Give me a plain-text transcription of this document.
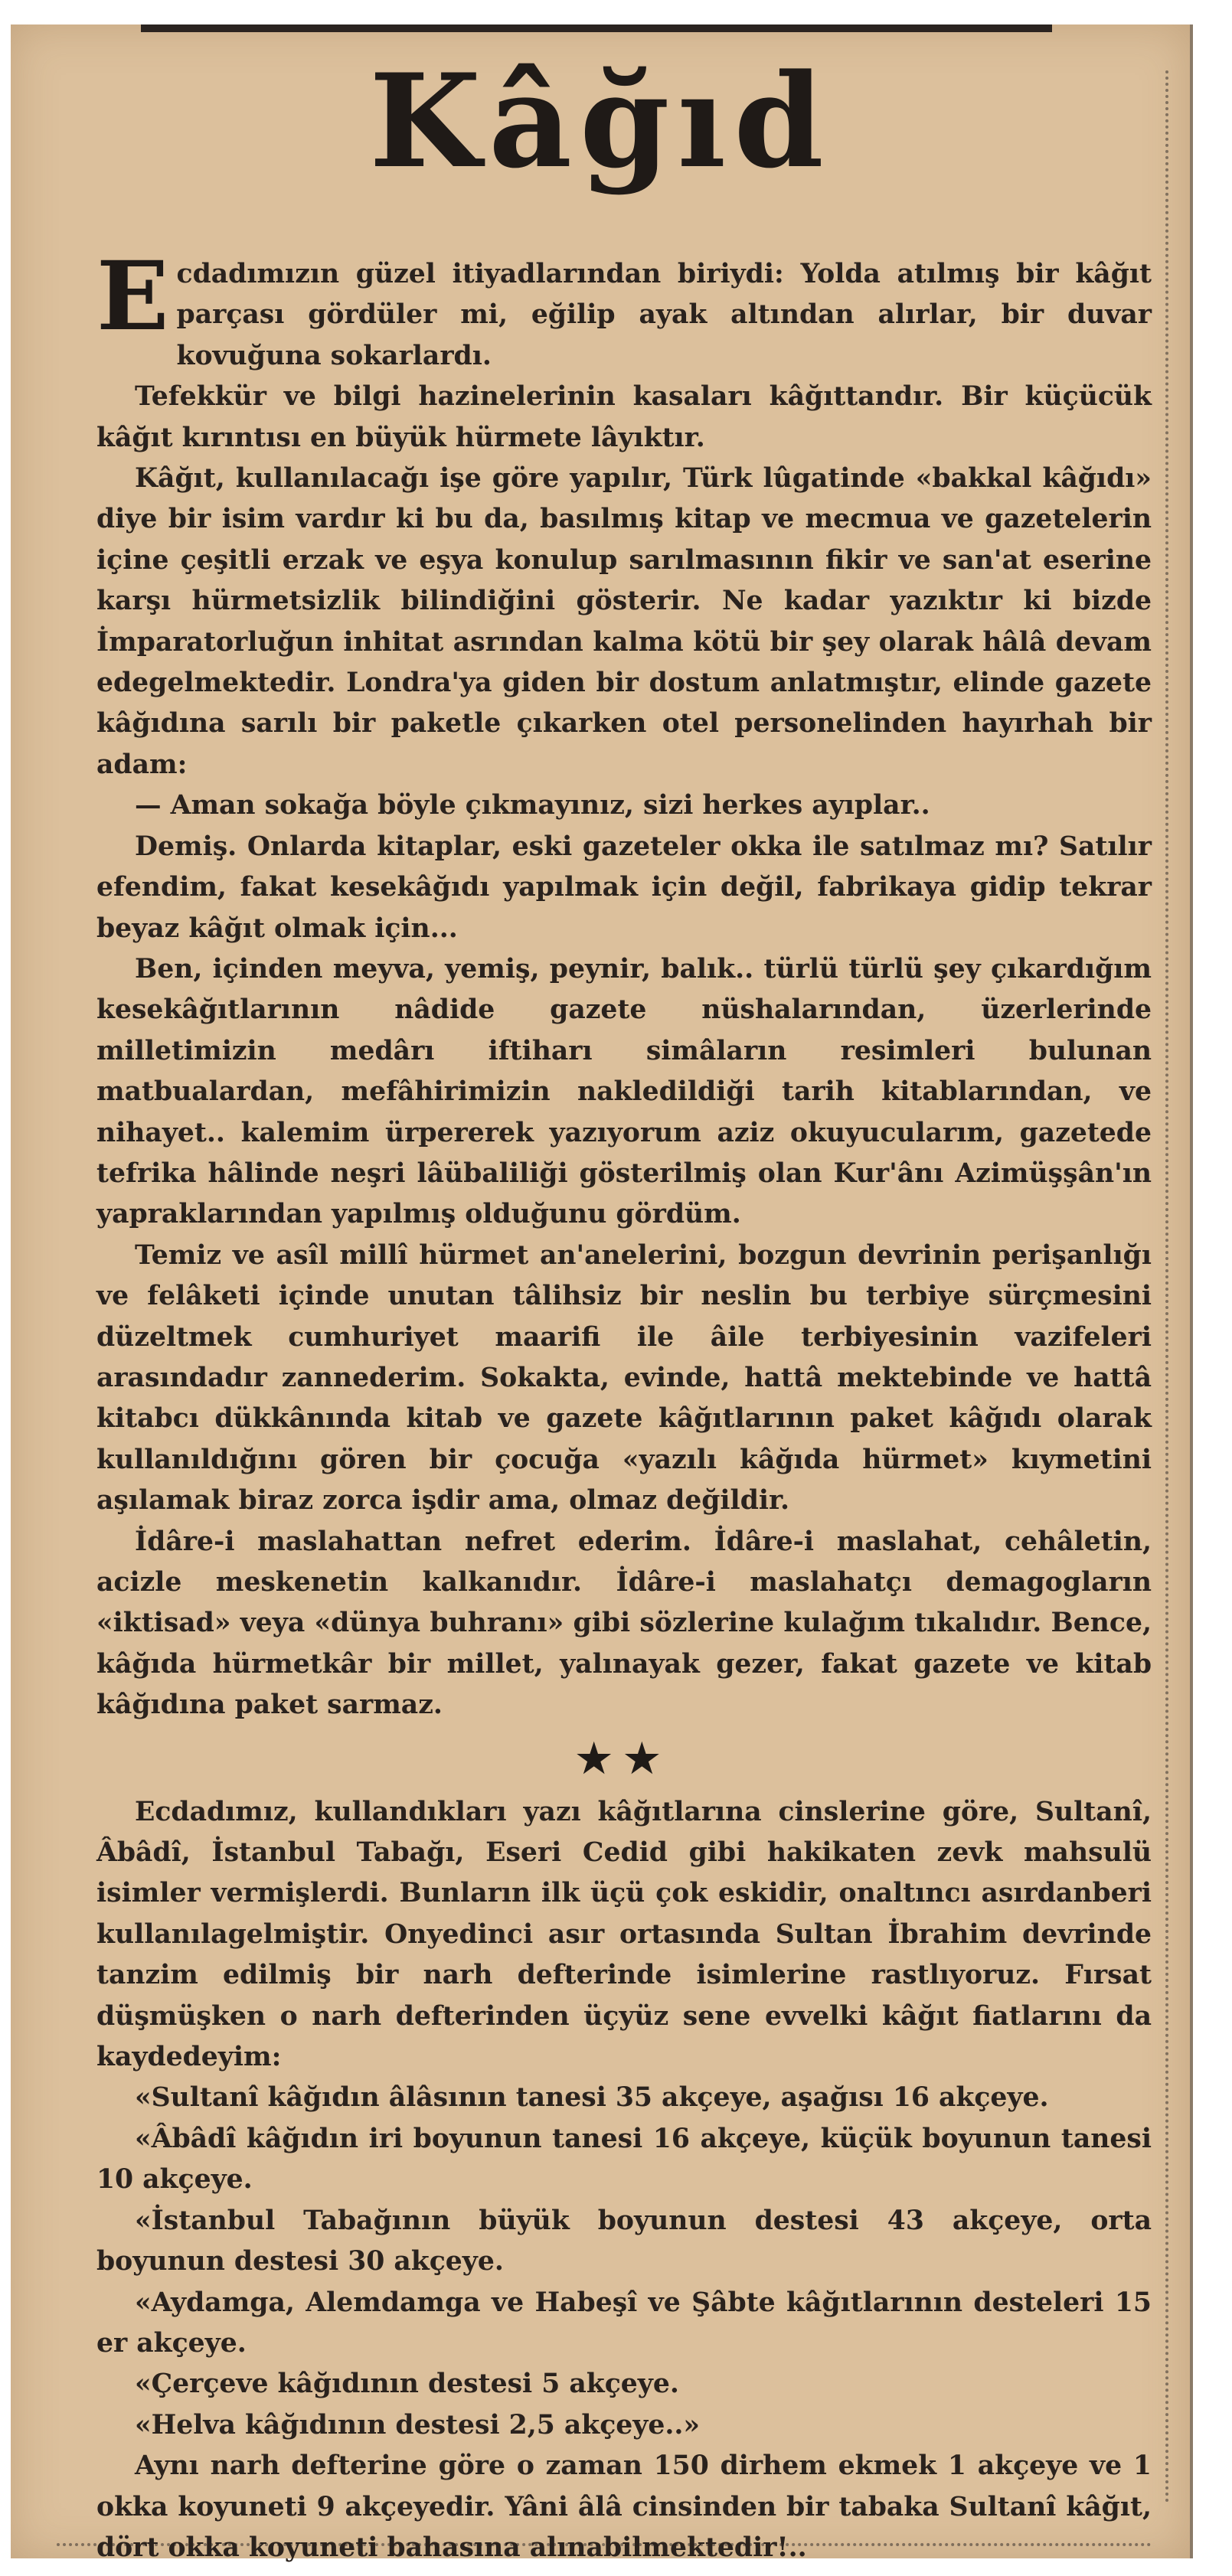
Kâğıd

Ecdadımızın güzel itiyadlarından biriydi: Yolda atılmış bir kâğıt parçası gördüler mi, eğilip ayak altından alırlar, bir duvar kovuğuna sokarlardı.

Tefekkür ve bilgi hazinelerinin kasaları kâğıttandır. Bir küçücük kâğıt kırıntısı en büyük hürmete lâyıktır.

Kâğıt, kullanılacağı işe göre yapılır, Türk lûgatinde «bakkal kâğıdı» diye bir isim vardır ki bu da, basılmış kitap ve mecmua ve gazetelerin içine çeşitli erzak ve eşya konulup sarılmasının fikir ve san'at eserine karşı hürmetsizlik bilindiğini gösterir. Ne kadar yazıktır ki bizde İmparatorluğun inhitat asrından kalma kötü bir şey olarak hâlâ devam edegelmektedir. Londra'ya giden bir dostum anlatmıştır, elinde gazete kâğıdına sarılı bir paketle çıkarken otel personelinden hayırhah bir adam:

— Aman sokağa böyle çıkmayınız, sizi herkes ayıplar..

Demiş. Onlarda kitaplar, eski gazeteler okka ile satılmaz mı? Satılır efendim, fakat kesekâğıdı yapılmak için değil, fabrikaya gidip tekrar beyaz kâğıt olmak için...

Ben, içinden meyva, yemiş, peynir, balık.. türlü türlü şey çıkardığım kesekâğıtlarının nâdide gazete nüshalarından, üzerlerinde milletimizin medârı iftiharı simâların resimleri bulunan matbualardan, mefâhirimizin nakledildiği tarih kitablarından, ve nihayet.. kalemim ürpererek yazıyorum aziz okuyucularım, gazetede tefrika hâlinde neşri lâübaliliği gösterilmiş olan Kur'ânı Azimüşşân'ın yapraklarından yapılmış olduğunu gördüm.

Temiz ve asîl millî hürmet an'anelerini, bozgun devrinin perişanlığı ve felâketi içinde unutan tâlihsiz bir neslin bu terbiye sürçmesini düzeltmek cumhuriyet maarifi ile âile terbiyesinin vazifeleri arasındadır zannederim. Sokakta, evinde, hattâ mektebinde ve hattâ kitabcı dükkânında kitab ve gazete kâğıtlarının paket kâğıdı olarak kullanıldığını gören bir çocuğa «yazılı kâğıda hürmet» kıymetini aşılamak biraz zorca işdir ama, olmaz değildir.

İdâre-i maslahattan nefret ederim. İdâre-i maslahat, cehâletin, acizle meskenetin kalkanıdır. İdâre-i maslahatçı demagogların «iktisad» veya «dünya buhranı» gibi sözlerine kulağım tıkalıdır. Bence, kâğıda hürmetkâr bir millet, yalınayak gezer, fakat gazete ve kitab kâğıdına paket sarmaz.

★★

Ecdadımız, kullandıkları yazı kâğıtlarına cinslerine göre, Sultanî, Âbâdî, İstanbul Tabağı, Eseri Cedid gibi hakikaten zevk mahsulü isimler vermişlerdi. Bunların ilk üçü çok eskidir, onaltıncı asırdanberi kullanılagelmiştir. Onyedinci asır ortasında Sultan İbrahim devrinde tanzim edilmiş bir narh defterinde isimlerine rastlıyoruz. Fırsat düşmüşken o narh defterinden üçyüz sene evvelki kâğıt fiatlarını da kaydedeyim:

«Sultanî kâğıdın âlâsının tanesi 35 akçeye, aşağısı 16 akçeye.

«Âbâdî kâğıdın iri boyunun tanesi 16 akçeye, küçük boyunun tanesi 10 akçeye.

«İstanbul Tabağının büyük boyunun destesi 43 akçeye, orta boyunun destesi 30 akçeye.

«Aydamga, Alemdamga ve Habeşî ve Şâbte kâğıtlarının desteleri 15 er akçeye.

«Çerçeve kâğıdının destesi 5 akçeye.

«Helva kâğıdının destesi 2,5 akçeye..»

Aynı narh defterine göre o zaman 150 dirhem ekmek 1 akçeye ve 1 okka koyuneti 9 akçeyedir. Yâni âlâ cinsinden bir tabaka Sultanî kâğıt, dört okka koyuneti bahasına alınabilmektedir!..
